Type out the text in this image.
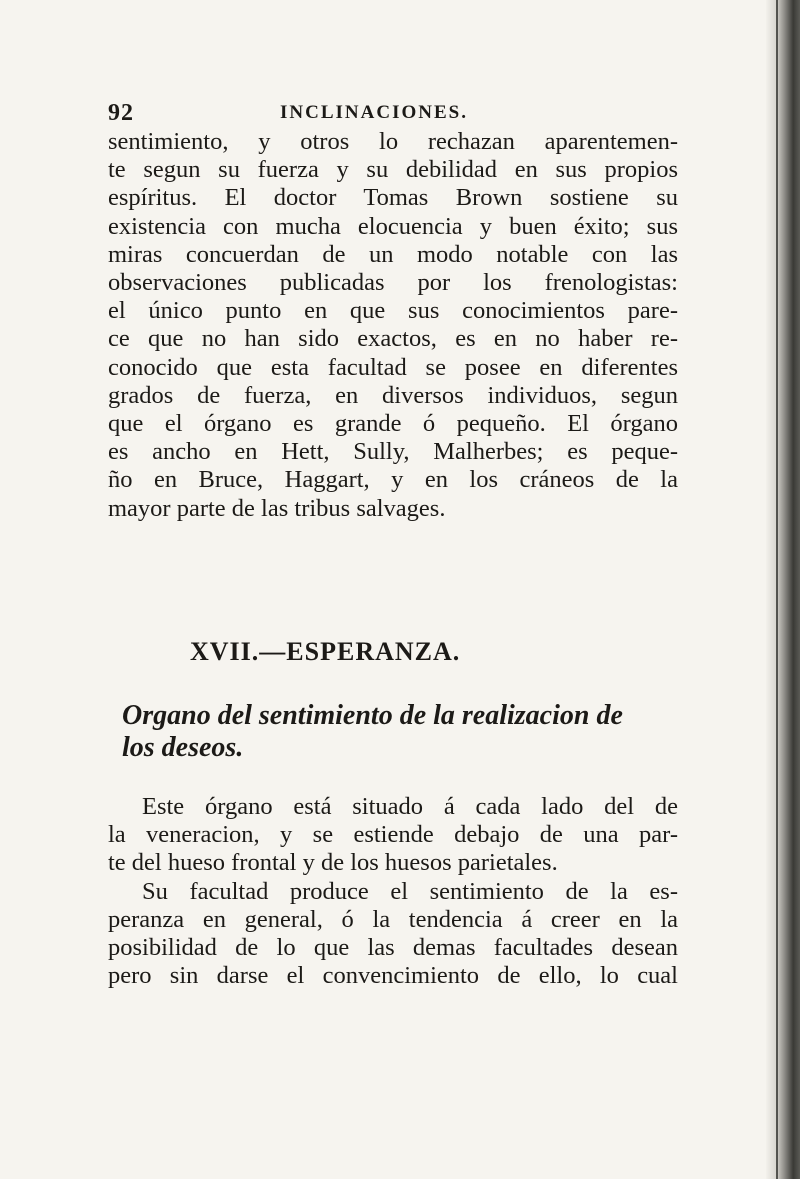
92	INCLINACIONES.
sentimiento, y otros lo rechazan aparentemen-
te segun su fuerza y su debilidad en sus propios
espíritus. El doctor Tomas Brown sostiene su
existencia con mucha elocuencia y buen éxito; sus
miras concuerdan de un modo notable con las
observaciones publicadas por los frenologistas:
el único punto en que sus conocimientos pare-
ce que no han sido exactos, es en no haber re-
conocido que esta facultad se posee en diferentes
grados de fuerza, en diversos individuos, segun
que el órgano es grande ó pequeño. El órgano
es ancho en Hett, Sully, Malherbes; es peque-
ño en Bruce, Haggart, y en los cráneos de la
mayor parte de las tribus salvages.
XVII.—ESPERANZA.
Organo del sentimiento de la realizacion de
los deseos.
Este órgano está situado á cada lado del de
la veneracion, y se estiende debajo de una par-
te del hueso frontal y de los huesos parietales.
Su facultad produce el sentimiento de la es-
peranza en general, ó la tendencia á creer en la
posibilidad de lo que las demas facultades desean
pero sin darse el convencimiento de ello, lo cual
